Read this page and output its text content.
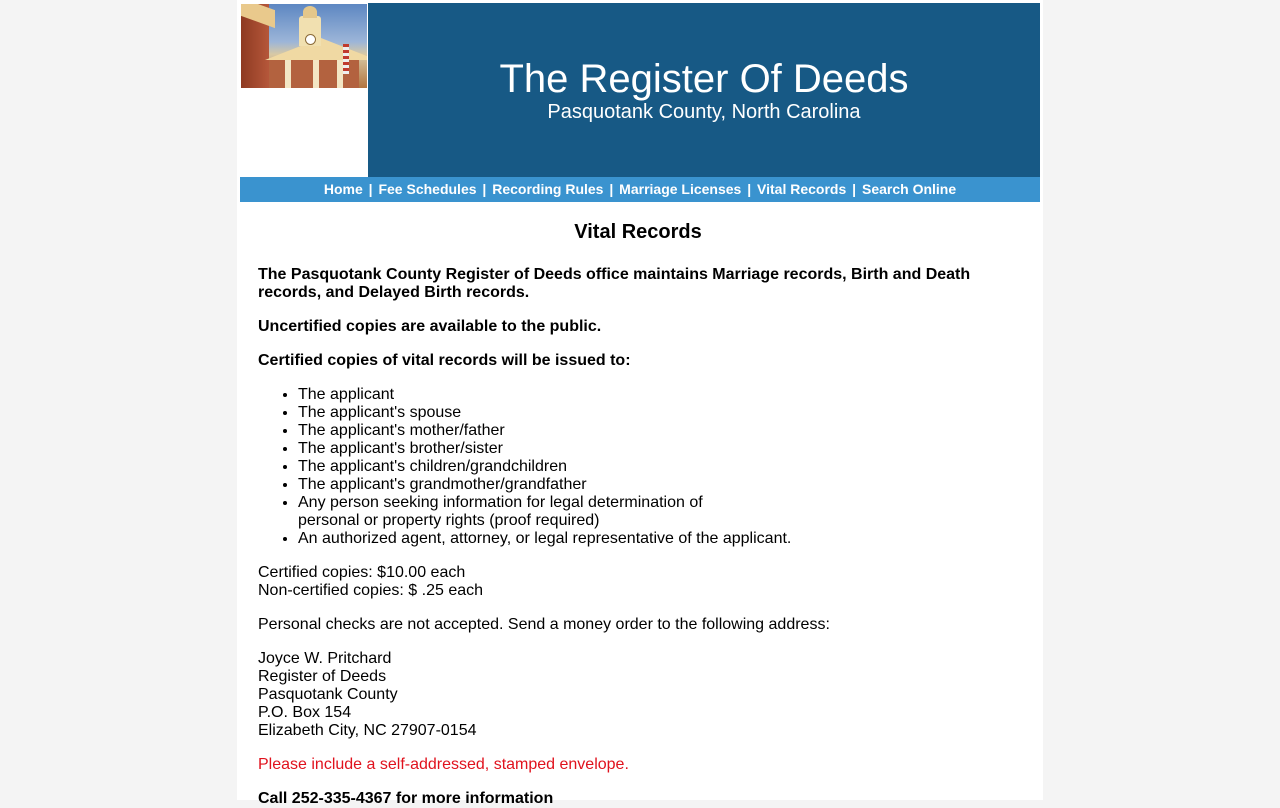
The Register Of Deeds
Pasquotank County, North Carolina
Home | Fee Schedules | Recording Rules | Marriage Licenses | Vital Records | Search Online
Vital Records

The Pasquotank County Register of Deeds office maintains Marriage records, Birth and Death records, and Delayed Birth records.

Uncertified copies are available to the public.

Certified copies of vital records will be issued to:

• The applicant
• The applicant's spouse
• The applicant's mother/father
• The applicant's brother/sister
• The applicant's children/grandchildren
• The applicant's grandmother/grandfather
• Any person seeking information for legal determination of
personal or property rights (proof required)
• An authorized agent, attorney, or legal representative of the applicant.

Certified copies: $10.00 each
Non-certified copies: $ .25 each

Personal checks are not accepted. Send a money order to the following address:

Joyce W. Pritchard
Register of Deeds
Pasquotank County
P.O. Box 154
Elizabeth City, NC 27907-0154

Please include a self-addressed, stamped envelope.

Call 252-335-4367 for more information
